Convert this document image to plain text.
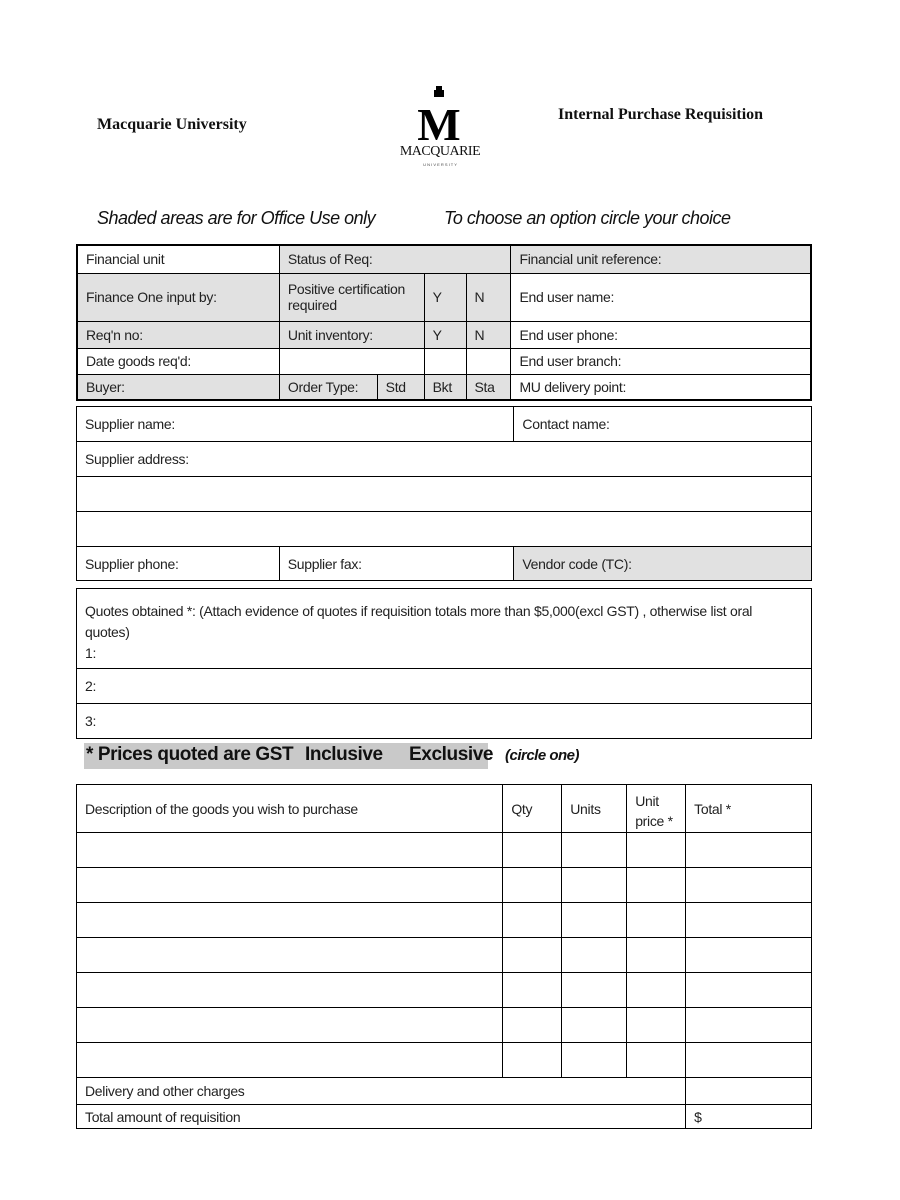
Macquarie University	M
MACQUARIE
U N I V E R S I T Y
Internal Purchase Requisition
Shaded areas are for Office Use only	To choose an option circle your choice
Financial unit	Status of Req:				Financial unit reference:
Finance One input by:	Positive certification required		Y	N	End user name:
Req'n no:	Unit inventory:		Y	N	End user phone:
Date goods req'd:					End user branch:
Buyer:	Order Type:	Std	Bkt	Sta	MU delivery point:
Supplier name:		Contact name:
Supplier address:		

Supplier phone:	Supplier fax:	Vendor code (TC):
Quotes obtained *: (Attach evidence of quotes if requisition totals more than $5,000(excl GST) , otherwise list oral quotes)
1:

2:
3:
* Prices quoted are GST Inclusive Exclusive (circle one)
Description of the goods you wish to purchase	Qty	Units	Unit price *	Total *

Delivery and other charges				
Total amount of requisition				$
